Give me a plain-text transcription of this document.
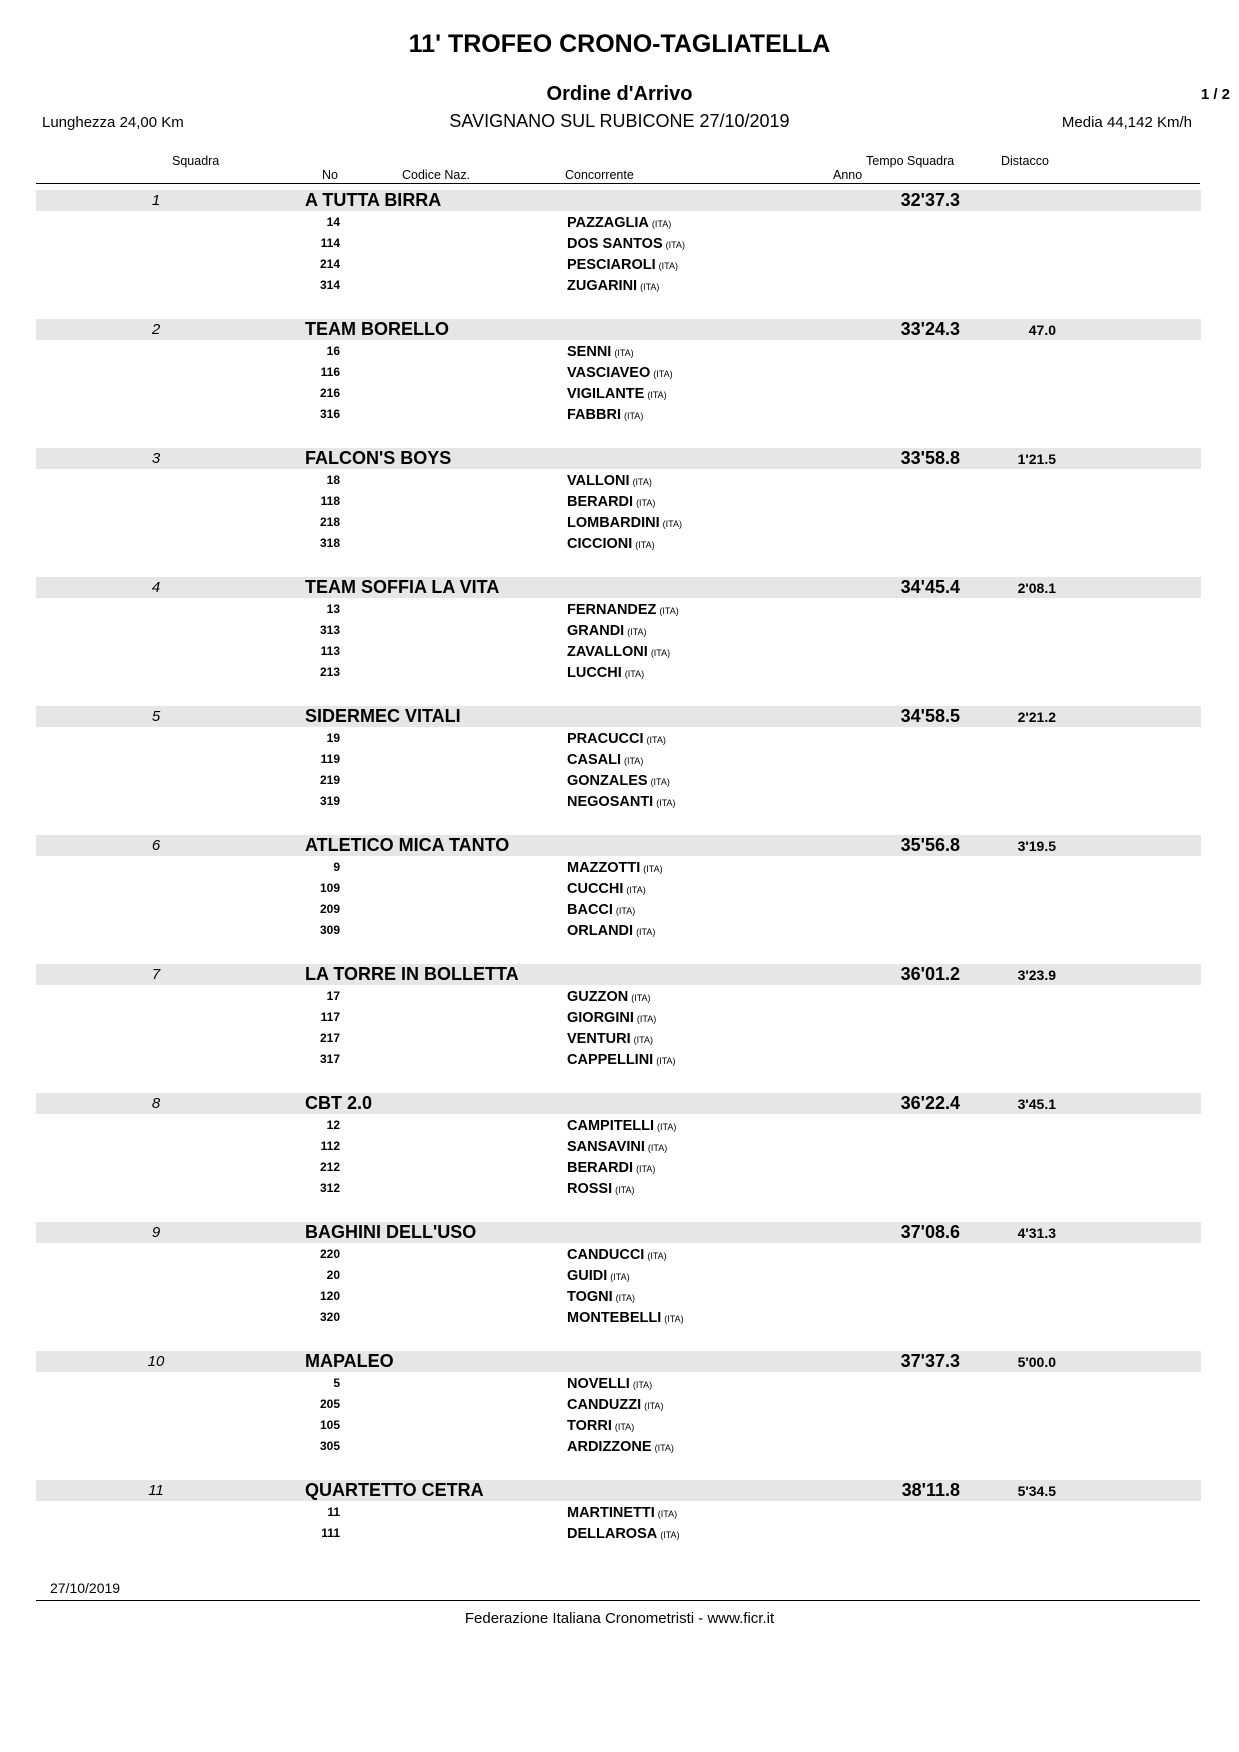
11' TROFEO CRONO-TAGLIATELLA
Ordine d'Arrivo	1 / 2
Lunghezza 24,00 Km	SAVIGNANO SUL RUBICONE 27/10/2019	Media 44,142 Km/h
Squadra
No	Codice Naz.	Concorrente	Anno
Tempo Squadra	Distacco
1	A TUTTA BIRRA	32'37.3
14	PAZZAGLIA (ITA)
114	DOS SANTOS (ITA)
214	PESCIAROLI (ITA)
314	ZUGARINI (ITA)
2	TEAM BORELLO	33'24.3	47.0
16	SENNI (ITA)
116	VASCIAVEO (ITA)
216	VIGILANTE (ITA)
316	FABBRI (ITA)
3	FALCON'S BOYS	33'58.8	1'21.5
18	VALLONI (ITA)
118	BERARDI (ITA)
218	LOMBARDINI (ITA)
318	CICCIONI (ITA)
4	TEAM SOFFIA LA VITA	34'45.4	2'08.1
13	FERNANDEZ (ITA)
313	GRANDI (ITA)
113	ZAVALLONI (ITA)
213	LUCCHI (ITA)
5	SIDERMEC VITALI	34'58.5	2'21.2
19	PRACUCCI (ITA)
119	CASALI (ITA)
219	GONZALES (ITA)
319	NEGOSANTI (ITA)
6	ATLETICO MICA TANTO	35'56.8	3'19.5
9	MAZZOTTI (ITA)
109	CUCCHI (ITA)
209	BACCI (ITA)
309	ORLANDI (ITA)
7	LA TORRE IN BOLLETTA	36'01.2	3'23.9
17	GUZZON (ITA)
117	GIORGINI (ITA)
217	VENTURI (ITA)
317	CAPPELLINI (ITA)
8	CBT 2.0	36'22.4	3'45.1
12	CAMPITELLI (ITA)
112	SANSAVINI (ITA)
212	BERARDI (ITA)
312	ROSSI (ITA)
9	BAGHINI DELL'USO	37'08.6	4'31.3
220	CANDUCCI (ITA)
20	GUIDI (ITA)
120	TOGNI (ITA)
320	MONTEBELLI (ITA)
10	MAPALEO	37'37.3	5'00.0
5	NOVELLI (ITA)
205	CANDUZZI (ITA)
105	TORRI (ITA)
305	ARDIZZONE (ITA)
11	QUARTETTO CETRA	38'11.8	5'34.5
11	MARTINETTI (ITA)
111	DELLAROSA (ITA)
27/10/2019
Federazione Italiana Cronometristi - www.ficr.it
